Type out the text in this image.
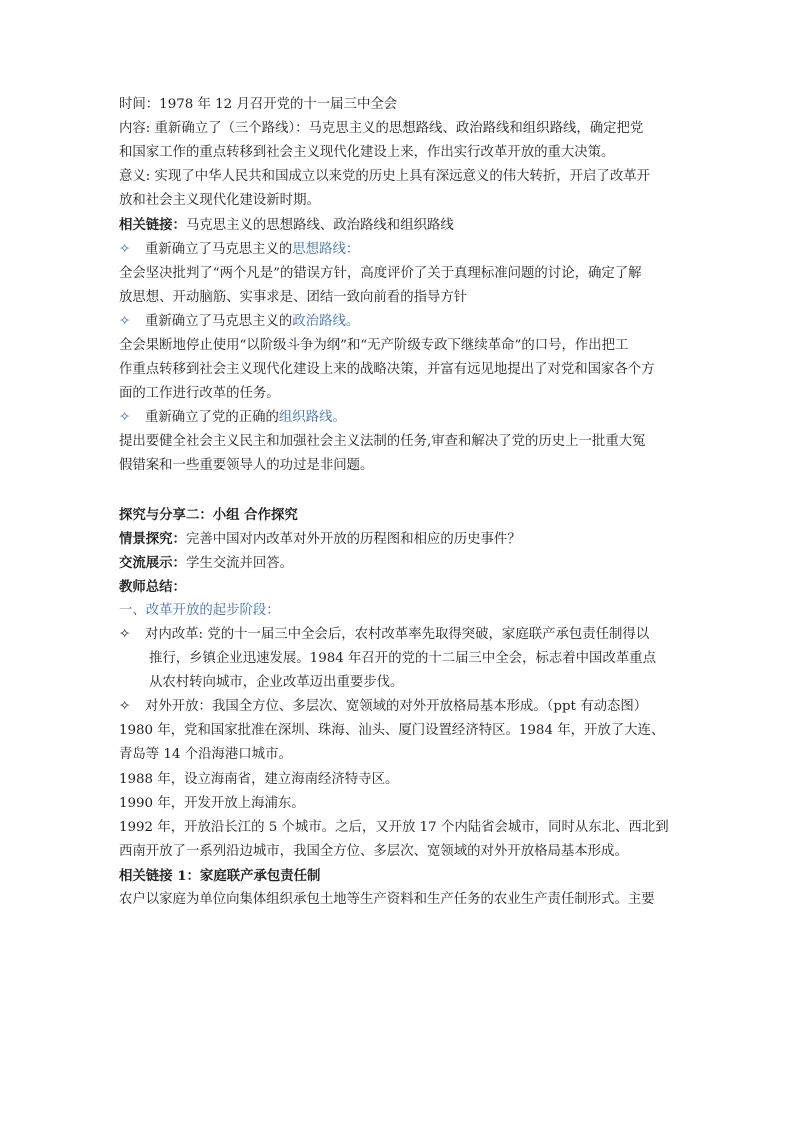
时间：1978 年 12 月召开党的十一届三中全会
内容: 重新确立了（三个路线）：马克思主义的思想路线、政治路线和组织路线，确定把党
和国家工作的重点转移到社会主义现代化建设上来，作出实行改革开放的重大决策。
意义: 实现了中华人民共和国成立以来党的历史上具有深远意义的伟大转折，开启了改革开
放和社会主义现代化建设新时期。
相关链接：马克思主义的思想路线、政治路线和组织路线
✧ 重新确立了马克思主义的思想路线：
全会坚决批判了“两个凡是”的错误方针，高度评价了关于真理标准问题的讨论，确定了解
放思想、开动脑筋、实事求是、团结一致向前看的指导方针
✧ 重新确立了马克思主义的政治路线。
全会果断地停止使用“以阶级斗争为纲”和“无产阶级专政下继续革命”的口号，作出把工
作重点转移到社会主义现代化建设上来的战略决策，并富有远见地提出了对党和国家各个方
面的工作进行改革的任务。
✧ 重新确立了党的正确的组织路线。
提出要健全社会主义民主和加强社会主义法制的任务,审查和解决了党的历史上一批重大冤
假错案和一些重要领导人的功过是非问题。
探究与分享二：小组 合作探究
情景探究：完善中国对内改革对外开放的历程图和相应的历史事件？
交流展示：学生交流并回答。
教师总结：
一、改革开放的起步阶段：
✧ 对内改革: 党的十一届三中全会后，农村改革率先取得突破，家庭联产承包责任制得以
推行，乡镇企业迅速发展。1984 年召开的党的十二届三中全会，标志着中国改革重点
从农村转向城市，企业改革迈出重要步伐。
✧ 对外开放：我国全方位、多层次、宽领域的对外开放格局基本形成。（ppt 有动态图）
1980 年，党和国家批准在深圳、珠海、汕头、厦门设置经济特区。1984 年，开放了大连、
青岛等 14 个沿海港口城市。
1988 年，设立海南省，建立海南经济特寺区。
1990 年，开发开放上海浦东。
1992 年，开放沿长江的 5 个城市。之后，又开放 17 个内陆省会城市，同时从东北、西北到
西南开放了一系列沿边城市，我国全方位、多层次、宽领域的对外开放格局基本形成。
相关链接 1：家庭联产承包责任制
农户以家庭为单位向集体组织承包土地等生产资料和生产任务的农业生产责任制形式。主要
